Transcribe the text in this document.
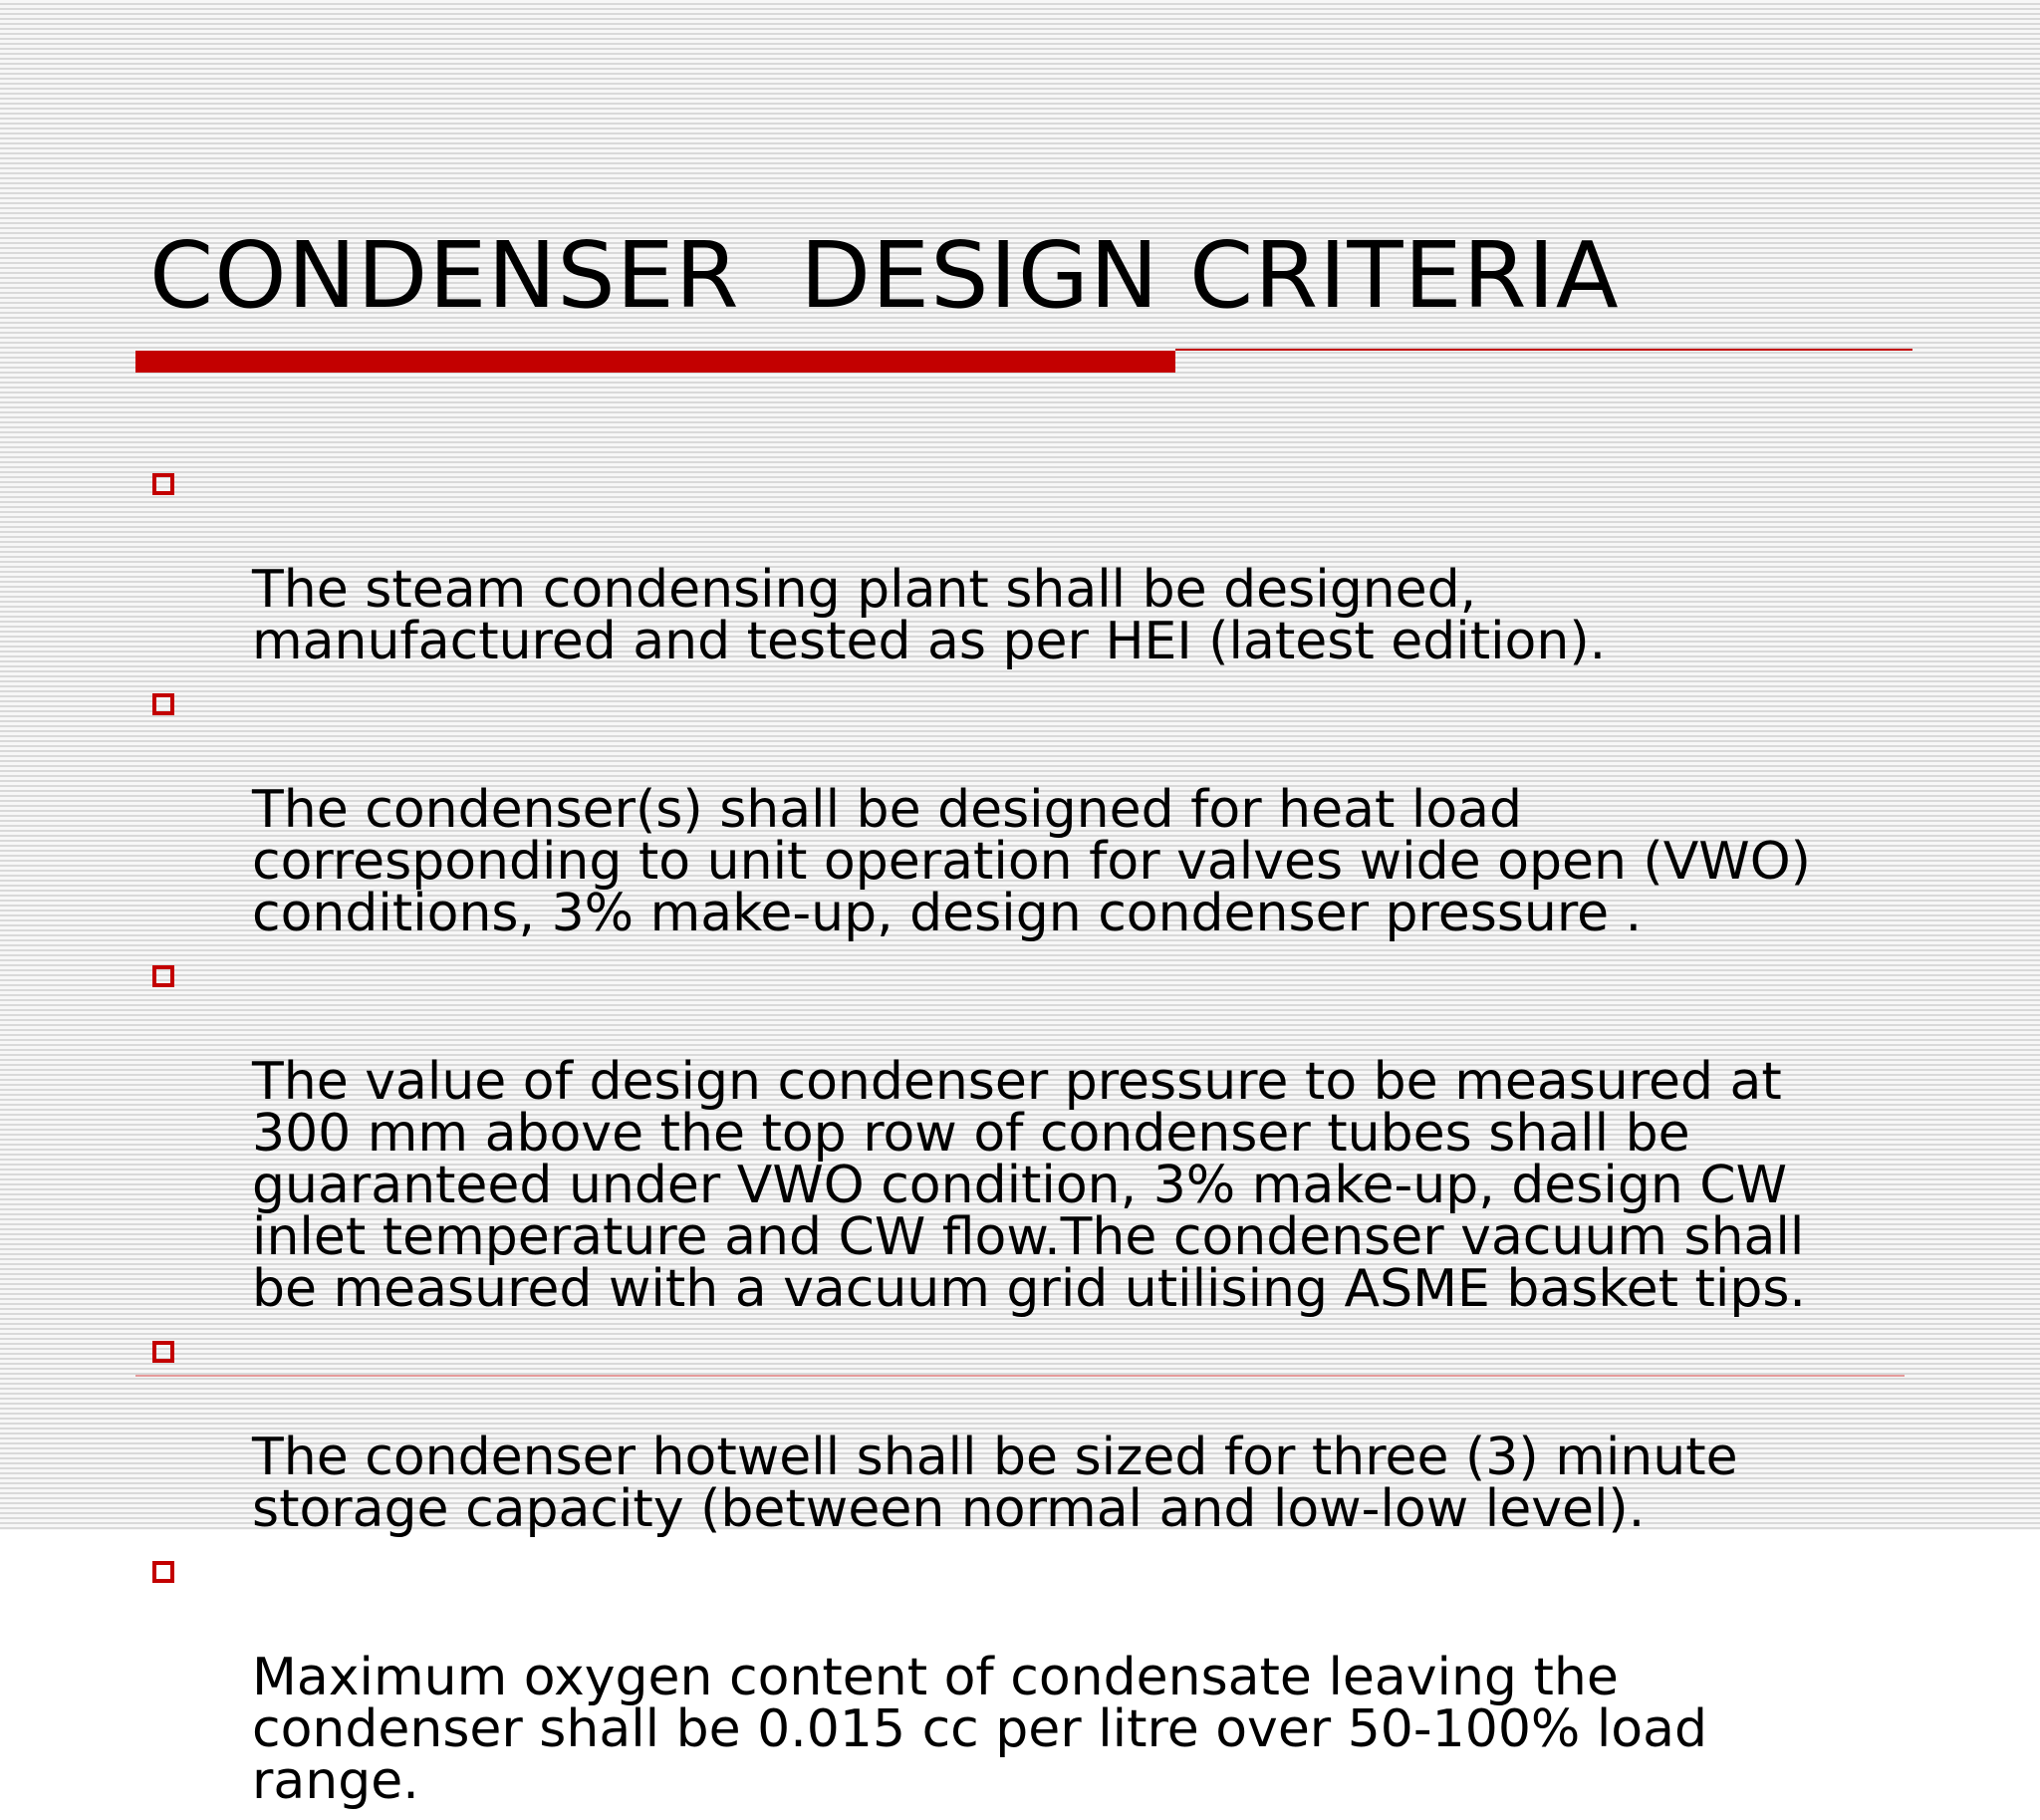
CONDENSER  DESIGN CRITERIA

The steam condensing plant shall be designed,
manufactured and tested as per HEI (latest edition).

The condenser(s) shall be designed for heat load
corresponding to unit operation for valves wide open (VWO)
conditions, 3% make-up, design condenser pressure .

The value of design condenser pressure to be measured at
300 mm above the top row of condenser tubes shall be
guaranteed under VWO condition, 3% make-up, design CW
inlet temperature and CW flow.The condenser vacuum shall
be measured with a vacuum grid utilising ASME basket tips.

The condenser hotwell shall be sized for three (3) minute
storage capacity (between normal and low-low level).

Maximum oxygen content of condensate leaving the
condenser shall be 0.015 cc per litre over 50-100% load
range.
